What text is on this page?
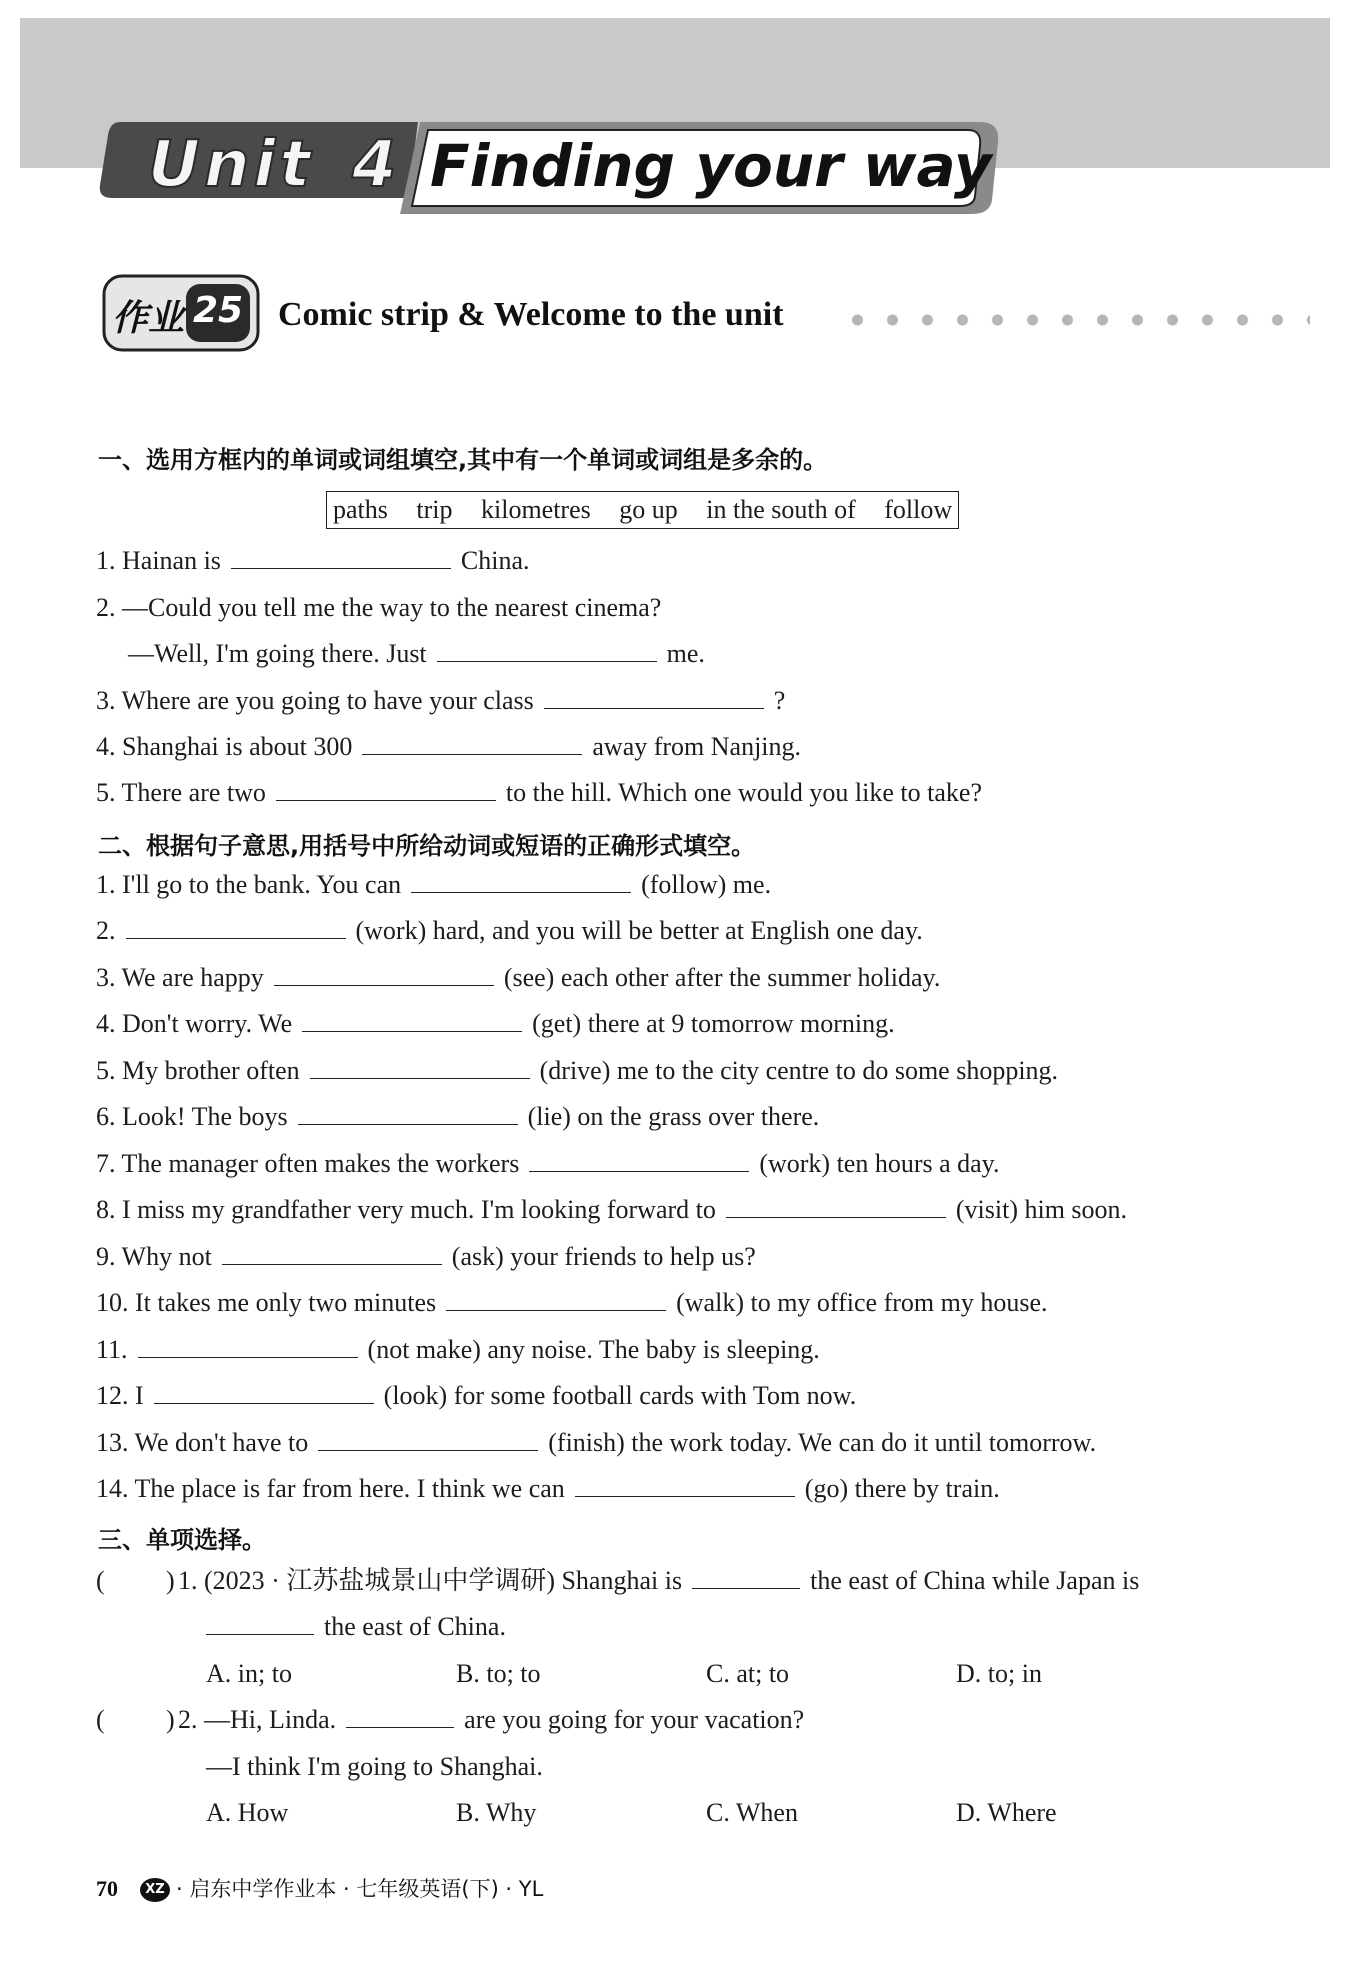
Unit 4 Finding your way
作业 25 Comic strip & Welcome to the unit
一、选用方框内的单词或词组填空,其中有一个单词或词组是多余的。
paths trip kilometres go up in the south of follow
1. Hainan is	China.
2. —Could you tell me the way to the nearest cinema?
—Well, I'm going there. Just	me.
3. Where are you going to have your class	?
4. Shanghai is about 300	away from Nanjing.
5. There are two	to the hill. Which one would you like to take?
二、根据句子意思,用括号中所给动词或短语的正确形式填空。
1. I'll go to the bank. You can	(follow) me.
2.	(work) hard, and you will be better at English one day.
3. We are happy	(see) each other after the summer holiday.
4. Don't worry. We	(get) there at 9 tomorrow morning.
5. My brother often	(drive) me to the city centre to do some shopping.
6. Look! The boys	(lie) on the grass over there.
7. The manager often makes the workers	(work) ten hours a day.
8. I miss my grandfather very much. I'm looking forward to	(visit) him soon.
9. Why not	(ask) your friends to help us?
10. It takes me only two minutes	(walk) to my office from my house.
11.	(not make) any noise. The baby is sleeping.
12. I	(look) for some football cards with Tom now.
13. We don't have to	(finish) the work today. We can do it until tomorrow.
14. The place is far from here. I think we can	(go) there by train.
三、单项选择。
( ) 1. (2023 · 江苏盐城景山中学调研) Shanghai is	the east of China while Japan is
the east of China.
A. in; to	B. to; to	C. at; to	D. to; in
( ) 2. —Hi, Linda.	are you going for your vacation?
—I think I'm going to Shanghai.
A. How	B. Why	C. When	D. Where
70 XZ · 启东中学作业本 · 七年级英语(下) · YL
